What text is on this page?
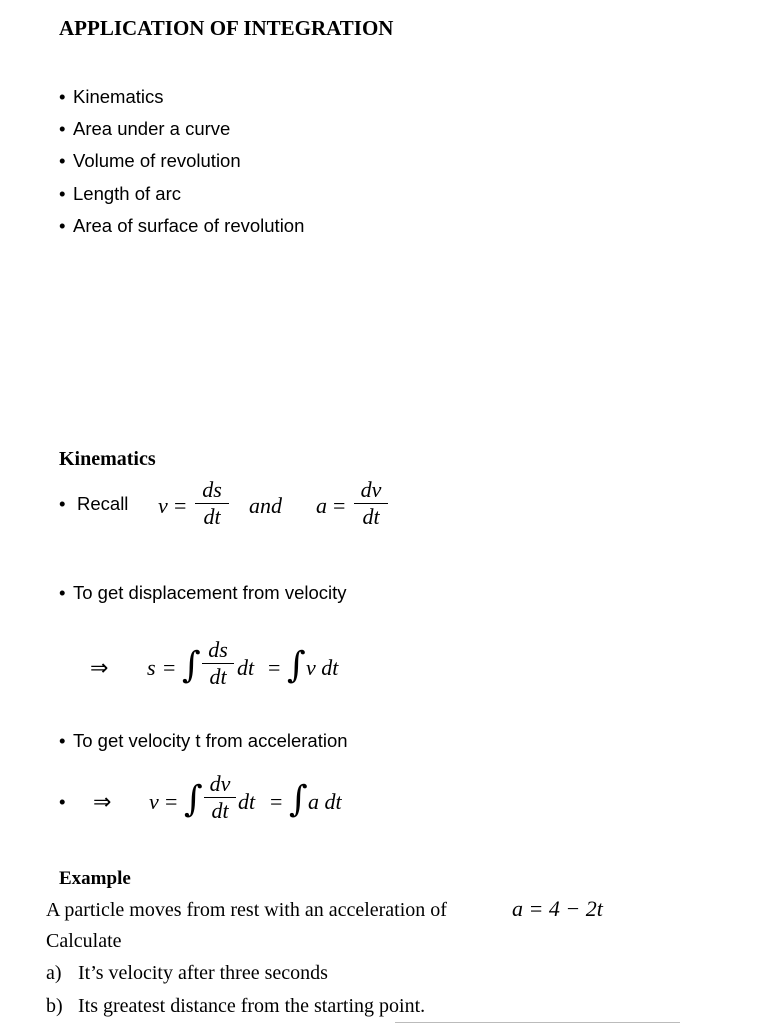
APPLICATION OF INTEGRATION
• Kinematics
• Area under a curve
• Volume of revolution
• Length of arc
• Area of surface of revolution
Kinematics
• Recall v =
ds
dt	and a =
dv
dt
• To get displacement from velocity
⇒ s = ∫ ds
dt dt = ∫ v dt
• To get velocity t from acceleration
• ⇒ v = ∫ dv
dt dt = ∫ a dt
Example
A particle moves from rest with an acceleration of	a = 4 − 2t
Calculate
a) It’s velocity after three seconds
b) Its greatest distance from the starting point.
